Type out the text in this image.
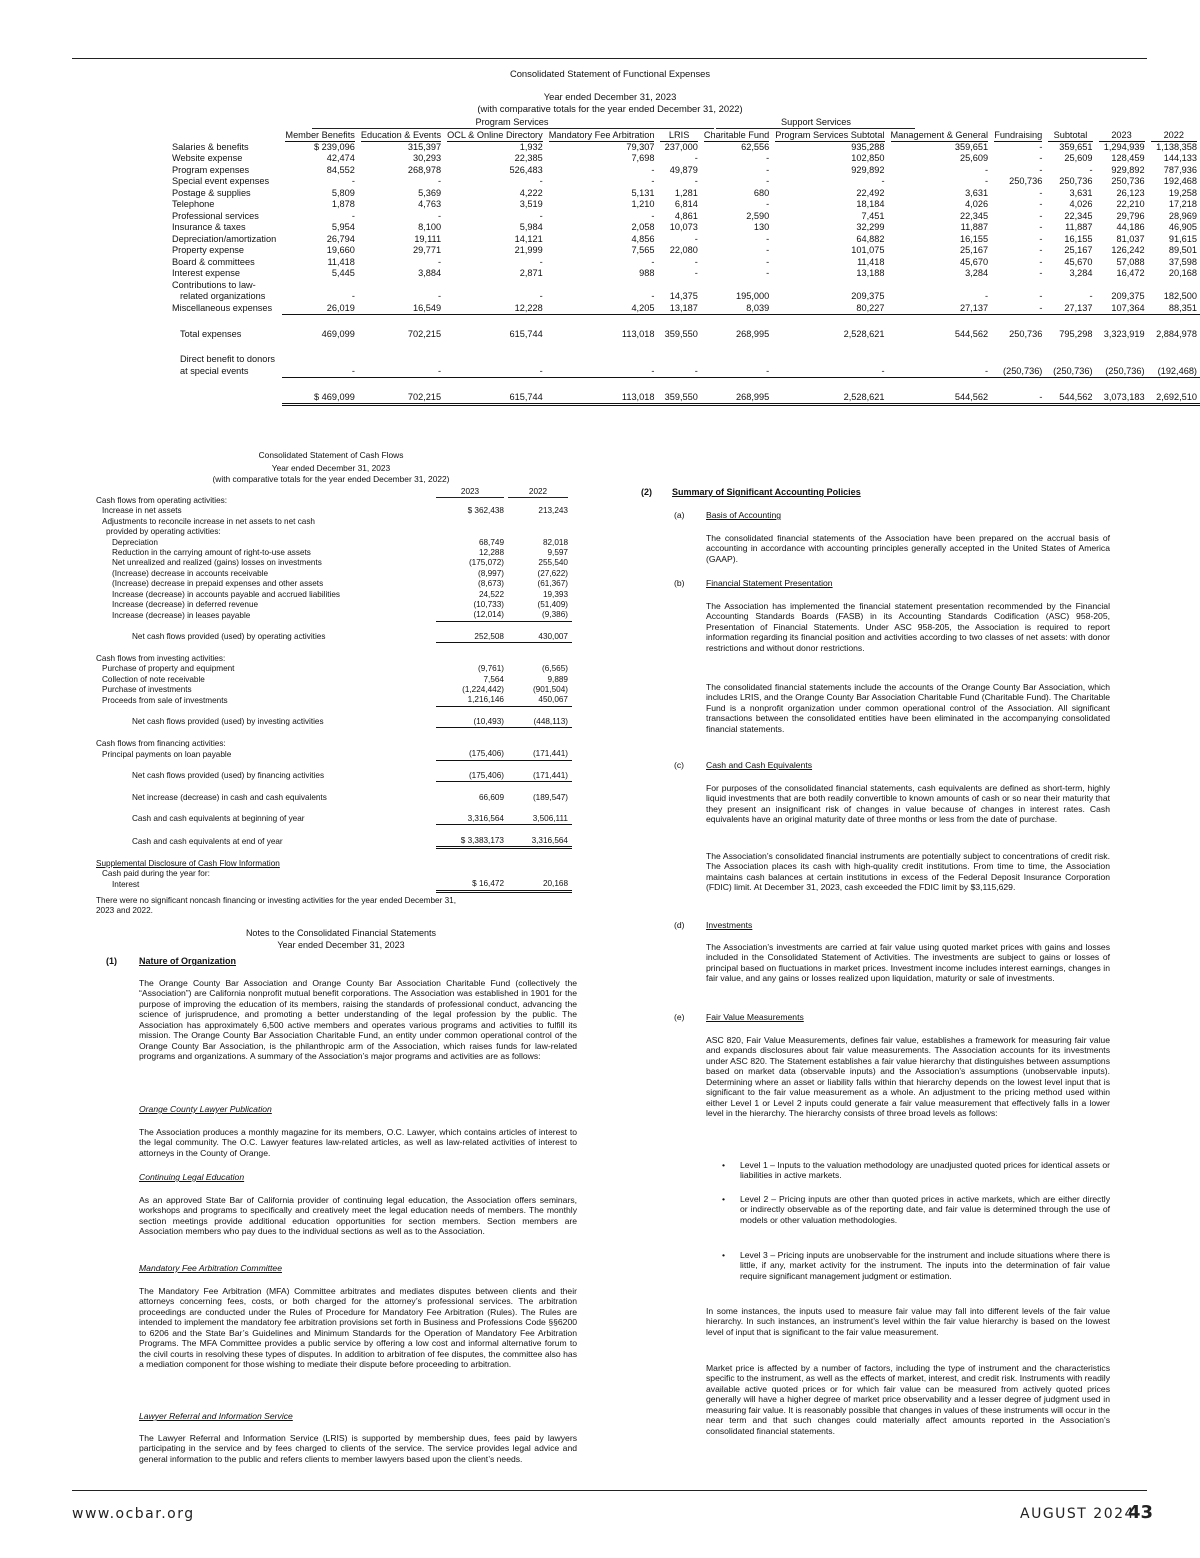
Consolidated Statement of Functional Expenses
Year ended December 31, 2023
(with comparative totals for the year ended December 31, 2022)
Program Services	Support Services

	Member Benefits	Education & Events	OCL & Online Directory	Mandatory Fee Arbitration	LRIS	Charitable Fund	Program Services Subtotal	Management & General	Fundraising	Subtotal	2023	2022

Salaries & benefits	$ 239,096	315,397	1,932	79,307	237,000	62,556	935,288	359,651	-	359,651	1,294,939	1,138,358
Website expense	42,474	30,293	22,385	7,698	-	-	102,850	25,609	-	25,609	128,459	144,133
Program expenses	84,552	268,978	526,483	-	49,879	-	929,892	-	-	-	929,892	787,936
Special event expenses	-	-	-	-	-	-	-	-	250,736	250,736	250,736	192,468
Postage & supplies	5,809	5,369	4,222	5,131	1,281	680	22,492	3,631	-	3,631	26,123	19,258
Telephone	1,878	4,763	3,519	1,210	6,814	-	18,184	4,026	-	4,026	22,210	17,218
Professional services	-	-	-	-	4,861	2,590	7,451	22,345	-	22,345	29,796	28,969
Insurance & taxes	5,954	8,100	5,984	2,058	10,073	130	32,299	11,887	-	11,887	44,186	46,905
Depreciation/amortization	26,794	19,111	14,121	4,856	-	-	64,882	16,155	-	16,155	81,037	91,615
Property expense	19,660	29,771	21,999	7,565	22,080	-	101,075	25,167	-	25,167	126,242	89,501
Board & committees	11,418	-	-	-	-	-	11,418	45,670	-	45,670	57,088	37,598
Interest expense	5,445	3,884	2,871	988	-	-	13,188	3,284	-	3,284	16,472	20,168
Contributions to law-												
related organizations	-	-	-	-	14,375	195,000	209,375	-	-	-	209,375	182,500
Miscellaneous expenses	26,019	16,549	12,228	4,205	13,187	8,039	80,227	27,137	-	27,137	107,364	88,351

Total expenses	469,099	702,215	615,744	113,018	359,550	268,995	2,528,621	544,562	250,736	795,298	3,323,919	2,884,978

Direct benefit to donors												
at special events	-	-	-	-	-	-	-	-	(250,736)	(250,736)	(250,736)	(192,468)

	$ 469,099	702,215	615,744	113,018	359,550	268,995	2,528,621	544,562	-	544,562	3,073,183	2,692,510
Consolidated Statement of Cash Flows
Year ended December 31, 2023
(with comparative totals for the year ended December 31, 2022)
2023	2022
Cash flows from operating activities:		
Increase in net assets	$ 362,438	213,243
Adjustments to reconcile increase in net assets to net cash		
provided by operating activities:		
Depreciation	68,749	82,018
Reduction in the carrying amount of right-to-use assets	12,288	9,597
Net unrealized and realized (gains) losses on investments	(175,072)	255,540
(Increase) decrease in accounts receivable	(8,997)	(27,622)
(Increase) decrease in prepaid expenses and other assets	(8,673)	(61,367)
Increase (decrease) in accounts payable and accrued liabilities	24,522	19,393
Increase (decrease) in deferred revenue	(10,733)	(51,409)
Increase (decrease) in leases payable	(12,014)	(9,386)

Net cash flows provided (used) by operating activities	252,508	430,007

Cash flows from investing activities:		
Purchase of property and equipment	(9,761)	(6,565)
Collection of note receivable	7,564	9,889
Purchase of investments	(1,224,442)	(901,504)
Proceeds from sale of investments	1,216,146	450,067

Net cash flows provided (used) by investing activities	(10,493)	(448,113)

Cash flows from financing activities:		
Principal payments on loan payable	(175,406)	(171,441)

Net cash flows provided (used) by financing activities	(175,406)	(171,441)

Net increase (decrease) in cash and cash equivalents	66,609	(189,547)

Cash and cash equivalents at beginning of year	3,316,564	3,506,111

Cash and cash equivalents at end of year	$ 3,383,173	3,316,564

Supplemental Disclosure of Cash Flow Information		
Cash paid during the year for:		
Interest	$ 16,472	20,168
There were no significant noncash financing or investing activities for the year ended December 31, 2023 and 2022.
Notes to the Consolidated Financial Statements
Year ended December 31, 2023
(1) Nature of Organization
The Orange County Bar Association and Orange County Bar Association Charitable Fund (collectively the “Association”) are California nonprofit mutual benefit corporations. The Association was established in 1901 for the purpose of improving the education of its members, raising the standards of professional conduct, advancing the science of jurisprudence, and promoting a better understanding of the legal profession by the public. The Association has approximately 6,500 active members and operates various programs and activities to fulfill its mission. The Orange County Bar Association Charitable Fund, an entity under common operational control of the Orange County Bar Association, is the philanthropic arm of the Association, which raises funds for law-related programs and organizations. A summary of the Association’s major programs and activities are as follows:
Orange County Lawyer Publication
The Association produces a monthly magazine for its members, O.C. Lawyer, which contains articles of interest to the legal community. The O.C. Lawyer features law-related articles, as well as law-related activities of interest to attorneys in the County of Orange.
Continuing Legal Education
As an approved State Bar of California provider of continuing legal education, the Association offers seminars, workshops and programs to specifically and creatively meet the legal education needs of members. The monthly section meetings provide additional education opportunities for section members. Section members are Association members who pay dues to the individual sections as well as to the Association.
Mandatory Fee Arbitration Committee
The Mandatory Fee Arbitration (MFA) Committee arbitrates and mediates disputes between clients and their attorneys concerning fees, costs, or both charged for the attorney’s professional services. The arbitration proceedings are conducted under the Rules of Procedure for Mandatory Fee Arbitration (Rules). The Rules are intended to implement the mandatory fee arbitration provisions set forth in Business and Professions Code §§6200 to 6206 and the State Bar’s Guidelines and Minimum Standards for the Operation of Mandatory Fee Arbitration Programs. The MFA Committee provides a public service by offering a low cost and informal alternative forum to the civil courts in resolving these types of disputes. In addition to arbitration of fee disputes, the committee also has a mediation component for those wishing to mediate their dispute before proceeding to arbitration.
Lawyer Referral and Information Service
The Lawyer Referral and Information Service (LRIS) is supported by membership dues, fees paid by lawyers participating in the service and by fees charged to clients of the service. The service provides legal advice and general information to the public and refers clients to member lawyers based upon the client’s needs.
(2) Summary of Significant Accounting Policies
(a) Basis of Accounting
The consolidated financial statements of the Association have been prepared on the accrual basis of accounting in accordance with accounting principles generally accepted in the United States of America (GAAP).
(b) Financial Statement Presentation
The Association has implemented the financial statement presentation recommended by the Financial Accounting Standards Boards (FASB) in its Accounting Standards Codification (ASC) 958-205, Presentation of Financial Statements. Under ASC 958-205, the Association is required to report information regarding its financial position and activities according to two classes of net assets: with donor restrictions and without donor restrictions.
The consolidated financial statements include the accounts of the Orange County Bar Association, which includes LRIS, and the Orange County Bar Association Charitable Fund (Charitable Fund). The Charitable Fund is a nonprofit organization under common operational control of the Association. All significant transactions between the consolidated entities have been eliminated in the accompanying consolidated financial statements.
(c)	Cash and Cash Equivalents
For purposes of the consolidated financial statements, cash equivalents are defined as short-term, highly liquid investments that are both readily convertible to known amounts of cash or so near their maturity that they present an insignificant risk of changes in value because of changes in interest rates. Cash equivalents have an original maturity date of three months or less from the date of purchase.
The Association’s consolidated financial instruments are potentially subject to concentrations of credit risk. The Association places its cash with high-quality credit institutions. From time to time, the Association maintains cash balances at certain institutions in excess of the Federal Deposit Insurance Corporation (FDIC) limit. At December 31, 2023, cash exceeded the FDIC limit by $3,115,629.
(d) Investments
The Association’s investments are carried at fair value using quoted market prices with gains and losses included in the Consolidated Statement of Activities. The investments are subject to gains or losses of principal based on fluctuations in market prices. Investment income includes interest earnings, changes in fair value, and any gains or losses realized upon liquidation, maturity or sale of investments.
(e) Fair Value Measurements
ASC 820, Fair Value Measurements, defines fair value, establishes a framework for measuring fair value and expands disclosures about fair value measurements. The Association accounts for its investments under ASC 820. The Statement establishes a fair value hierarchy that distinguishes between assumptions based on market data (observable inputs) and the Association’s assumptions (unobservable inputs). Determining where an asset or liability falls within that hierarchy depends on the lowest level input that is significant to the fair value measurement as a whole. An adjustment to the pricing method used within either Level 1 or Level 2 inputs could generate a fair value measurement that effectively falls in a lower level in the hierarchy. The hierarchy consists of three broad levels as follows:
• Level 1 – Inputs to the valuation methodology are unadjusted quoted prices for identical assets or liabilities in active markets.
• Level 2 – Pricing inputs are other than quoted prices in active markets, which are either directly or indirectly observable as of the reporting date, and fair value is determined through the use of models or other valuation methodologies.
• Level 3 – Pricing inputs are unobservable for the instrument and include situations where there is little, if any, market activity for the instrument. The inputs into the determination of fair value require significant management judgment or estimation.
In some instances, the inputs used to measure fair value may fall into different levels of the fair value hierarchy. In such instances, an instrument’s level within the fair value hierarchy is based on the lowest level of input that is significant to the fair value measurement.
Market price is affected by a number of factors, including the type of instrument and the characteristics specific to the instrument, as well as the effects of market, interest, and credit risk. Instruments with readily available active quoted prices or for which fair value can be measured from actively quoted prices generally will have a higher degree of market price observability and a lesser degree of judgment used in measuring fair value. It is reasonably possible that changes in values of these instruments will occur in the near term and that such changes could materially affect amounts reported in the Association’s consolidated financial statements.
www.ocbar.org	AUGUST 2024
43
